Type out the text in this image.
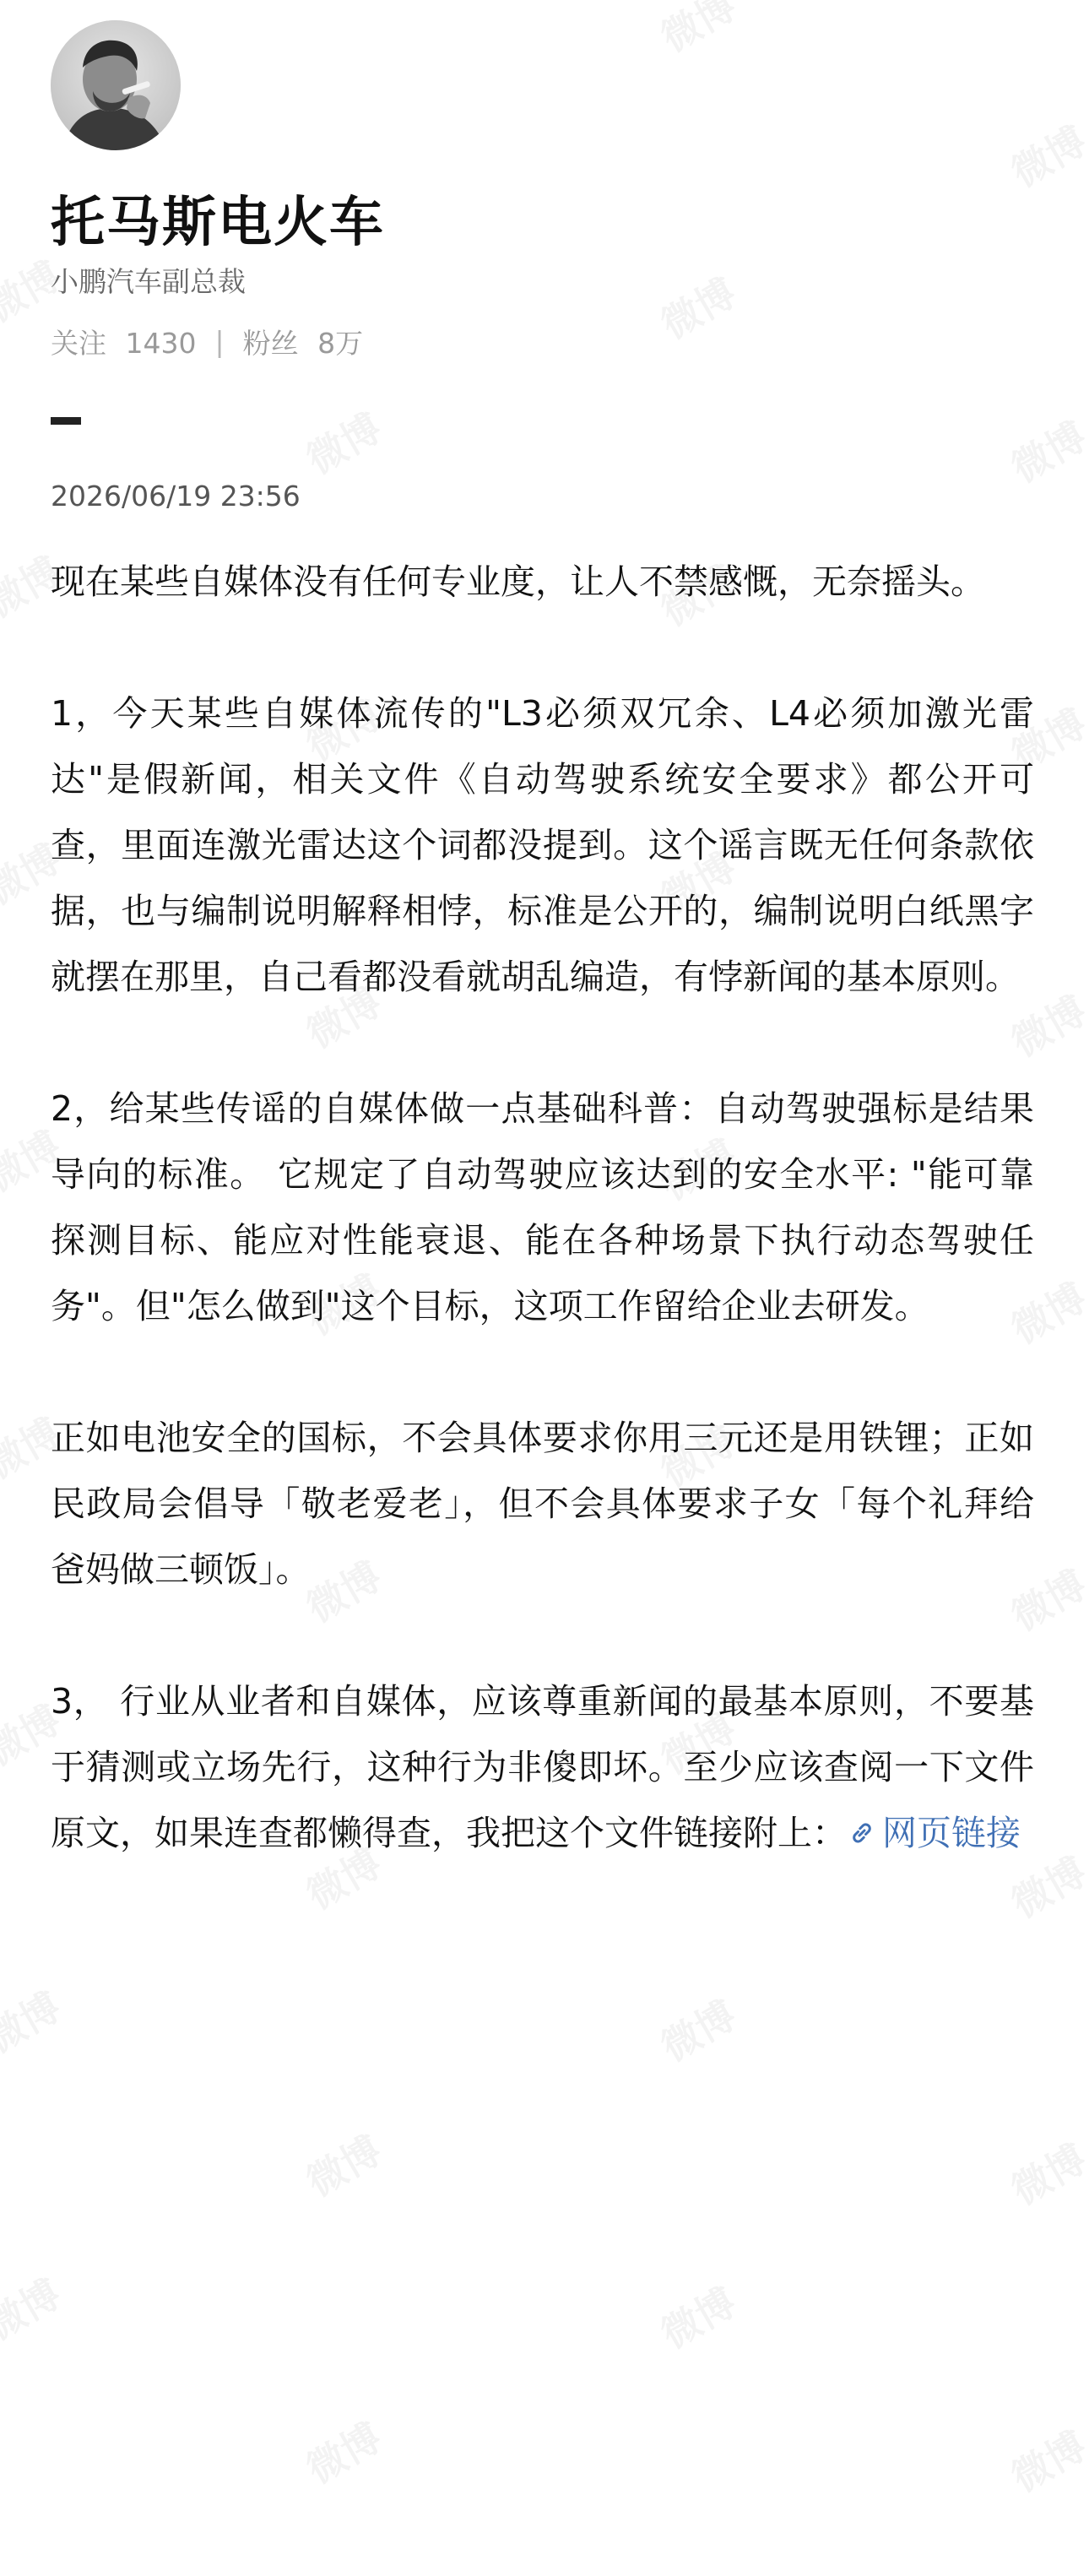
托马斯电火车
小鹏汽车副总裁
关注 1430 | 粉丝 8万
2026/06/19 23:56

现在某些自媒体没有任何专业度，让人不禁感慨，无奈摇头。

1，今天某些自媒体流传的"L3必须双冗余、L4必须加激光雷达"是假新闻，相关文件《自动驾驶系统安全要求》都公开可查，里面连激光雷达这个词都没提到。这个谣言既无任何条款依据，也与编制说明解释相悖，标准是公开的，编制说明白纸黑字就摆在那里，自己看都没看就胡乱编造，有悖新闻的基本原则。

2，给某些传谣的自媒体做一点基础科普：自动驾驶强标是结果导向的标准。 它规定了自动驾驶应该达到的安全水平: "能可靠探测目标、能应对性能衰退、能在各种场景下执行动态驾驶任务"。但"怎么做到"这个目标，这项工作留给企业去研发。

正如电池安全的国标，不会具体要求你用三元还是用铁锂；正如民政局会倡导「敬老爱老」，但不会具体要求子女「每个礼拜给爸妈做三顿饭」。

3， 行业从业者和自媒体，应该尊重新闻的最基本原则，不要基于猜测或立场先行，这种行为非傻即坏。至少应该查阅一下文件原文，如果连查都懒得查，我把这个文件链接附上： 网页链接
